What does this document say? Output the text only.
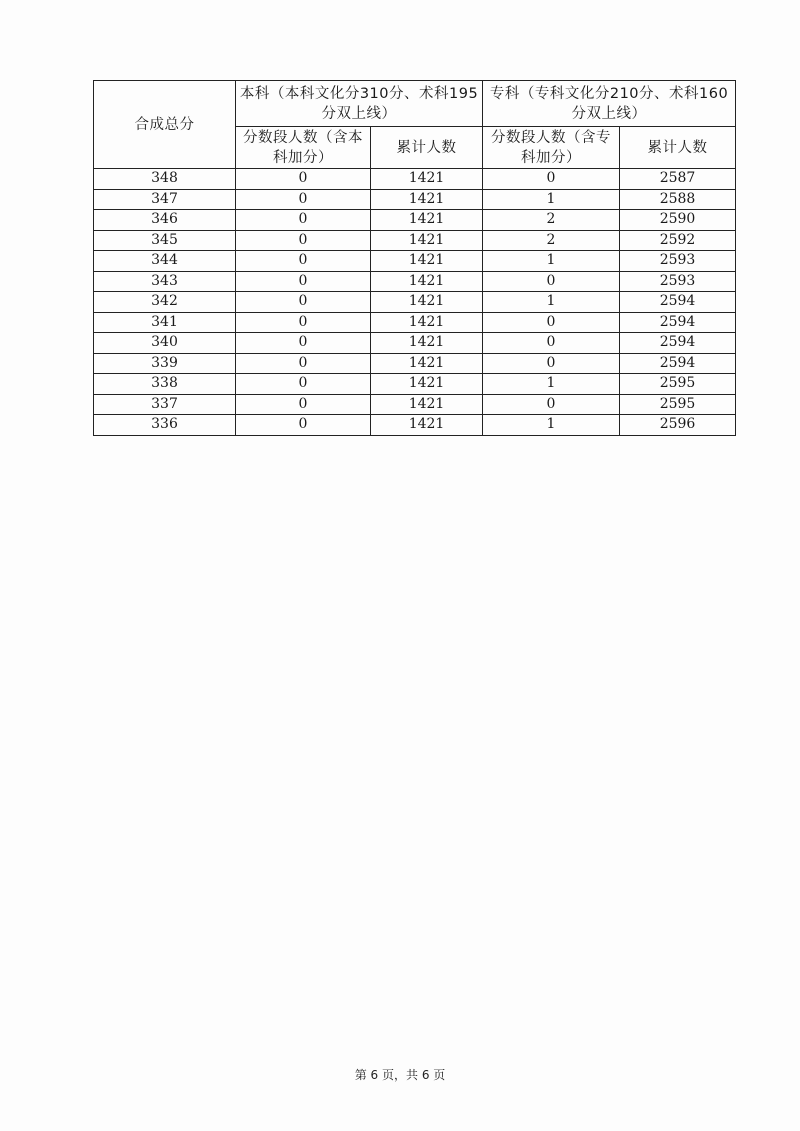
合成总分	本科（本科文化分310分、术科195分双上线）		专科（专科文化分210分、术科160分双上线）	

	分数段人数（含本科加分）	累计人数	分数段人数（含专科加分）	累计人数
348	0	1421	0	2587
347	0	1421	1	2588
346	0	1421	2	2590
345	0	1421	2	2592
344	0	1421	1	2593
343	0	1421	0	2593
342	0	1421	1	2594
341	0	1421	0	2594
340	0	1421	0	2594
339	0	1421	0	2594
338	0	1421	1	2595
337	0	1421	0	2595
336	0	1421	1	2596
第 6 页，共 6 页
